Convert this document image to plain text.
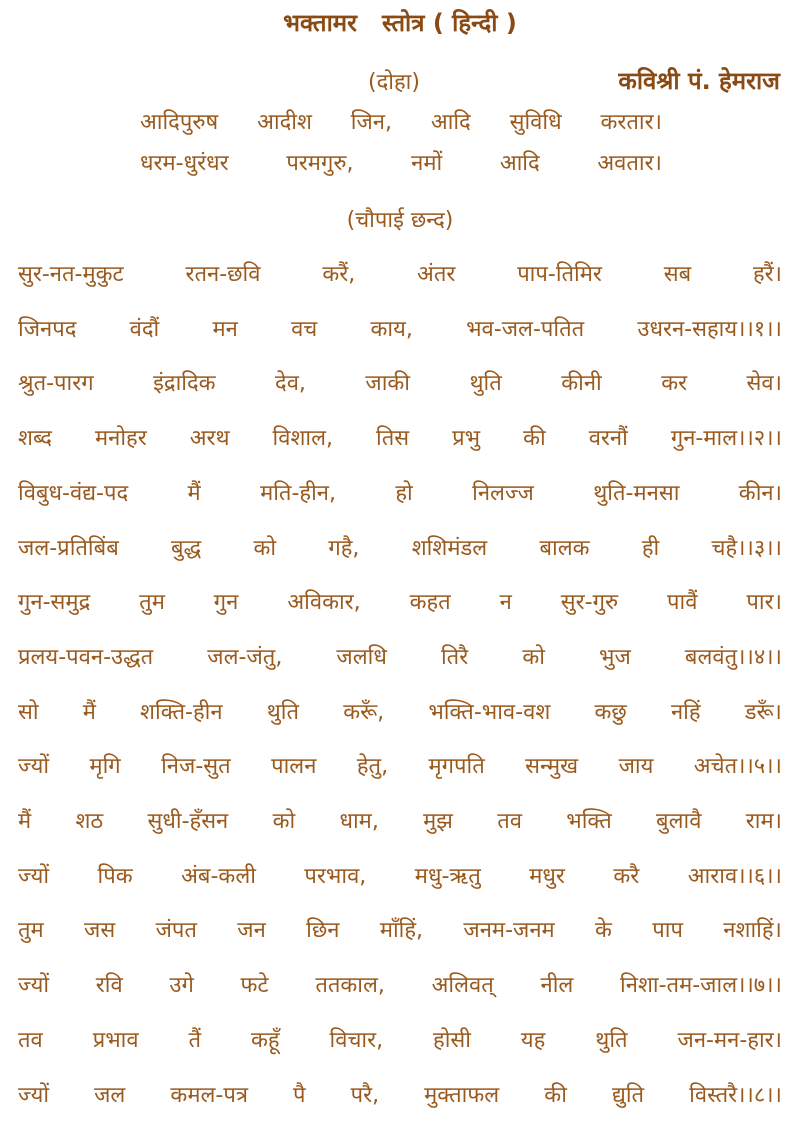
भक्तामर   स्तोत्र ( हिन्दी )
(दोहा)	कविश्री पं. हेमराज
आदिपुरुष आदीश जिन, आदि सुविधि करतार।
धरम-धुरंधर	परमगुरु,	नमों	आदि	अवतार।
(चौपाई छन्द)
सुर-नत-मुकुट	रतन-छवि	करैं,	अंतर	पाप-तिमिर	सब	हरैं।
जिनपद वंदौं मन वच काय, भव-जल-पतित उधरन-सहाय।।१।।
श्रुत-पारग	इंद्रादिक	देव,	जाकी	थुति	कीनी	कर	सेव।
शब्द मनोहर अरथ विशाल, तिस प्रभु की वरनौं गुन-माल।।२।।
विबुध-वंद्य-पद	मैं	मति-हीन,	हो	निलज्ज	थुति-मनसा	कीन।
जल-प्रतिबिंब बुद्ध को गहै, शशिमंडल बालक ही चहै।।३।।
गुन-समुद्र तुम गुन अविकार, कहत न सुर-गुरु पावैं पार।
प्रलय-पवन-उद्धत जल-जंतु, जलधि तिरै को भुज बलवंतु।।४।।
सो मैं शक्ति-हीन थुति करूँ, भक्ति-भाव-वश कछु नहिं डरूँ।
ज्यों मृगि निज-सुत पालन हेतु, मृगपति सन्मुख जाय अचेत।।५।।
मैं शठ सुधी-हँसन को धाम, मुझ तव भक्ति बुलावै राम।
ज्यों पिक अंब-कली परभाव, मधु-ऋतु मधुर करै आराव।।६।।
तुम जस जंपत जन छिन माँहिं, जनम-जनम के पाप नशाहिं।
ज्यों रवि उगे फटे ततकाल, अलिवत् नील निशा-तम-जाल।।७।।
तव प्रभाव तैं कहूँ विचार, होसी यह थुति जन-मन-हार।
ज्यों जल कमल-पत्र पै परै, मुक्ताफल की द्युति विस्तरै।।८।।
